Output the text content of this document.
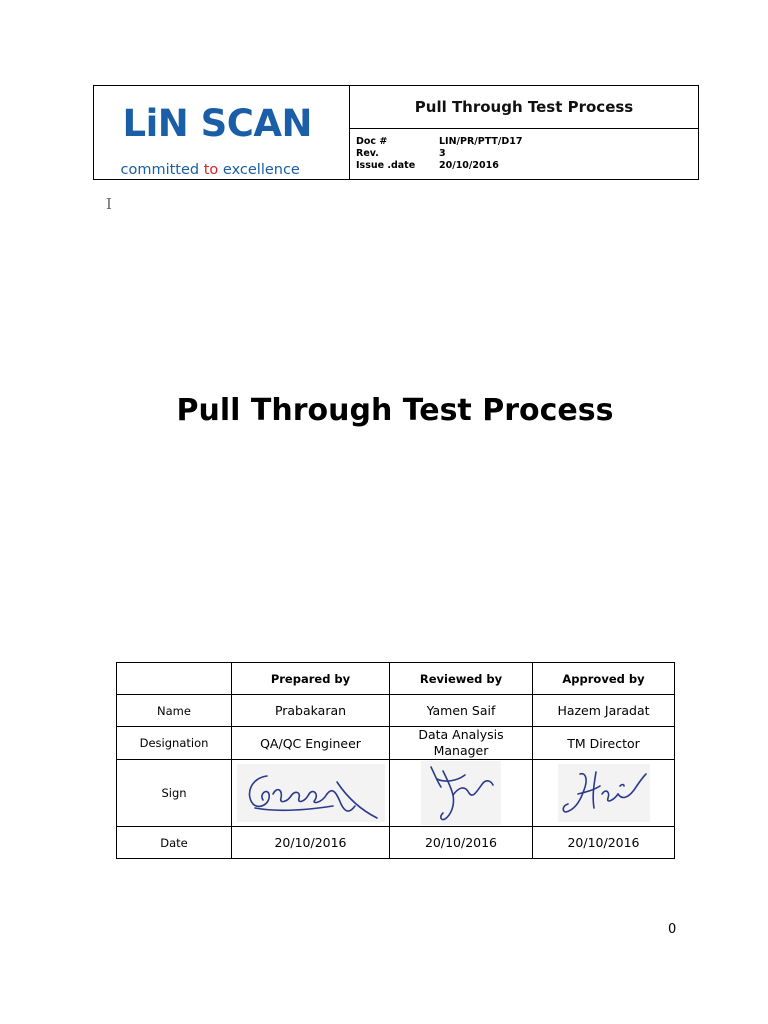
LiN SCAN
committed to excellence
Pull Through Test Process
Doc #	LIN/PR/PTT/D17
Rev.	3
Issue .date	20/10/2016
I
Pull Through Test Process
	Prepared by	Reviewed by	Approved by
Name	Prabakaran	Yamen Saif	Hazem Jaradat
Designation	QA/QC Engineer	Data Analysis Manager	TM Director
Sign	

Date	20/10/2016	20/10/2016	20/10/2016
0
